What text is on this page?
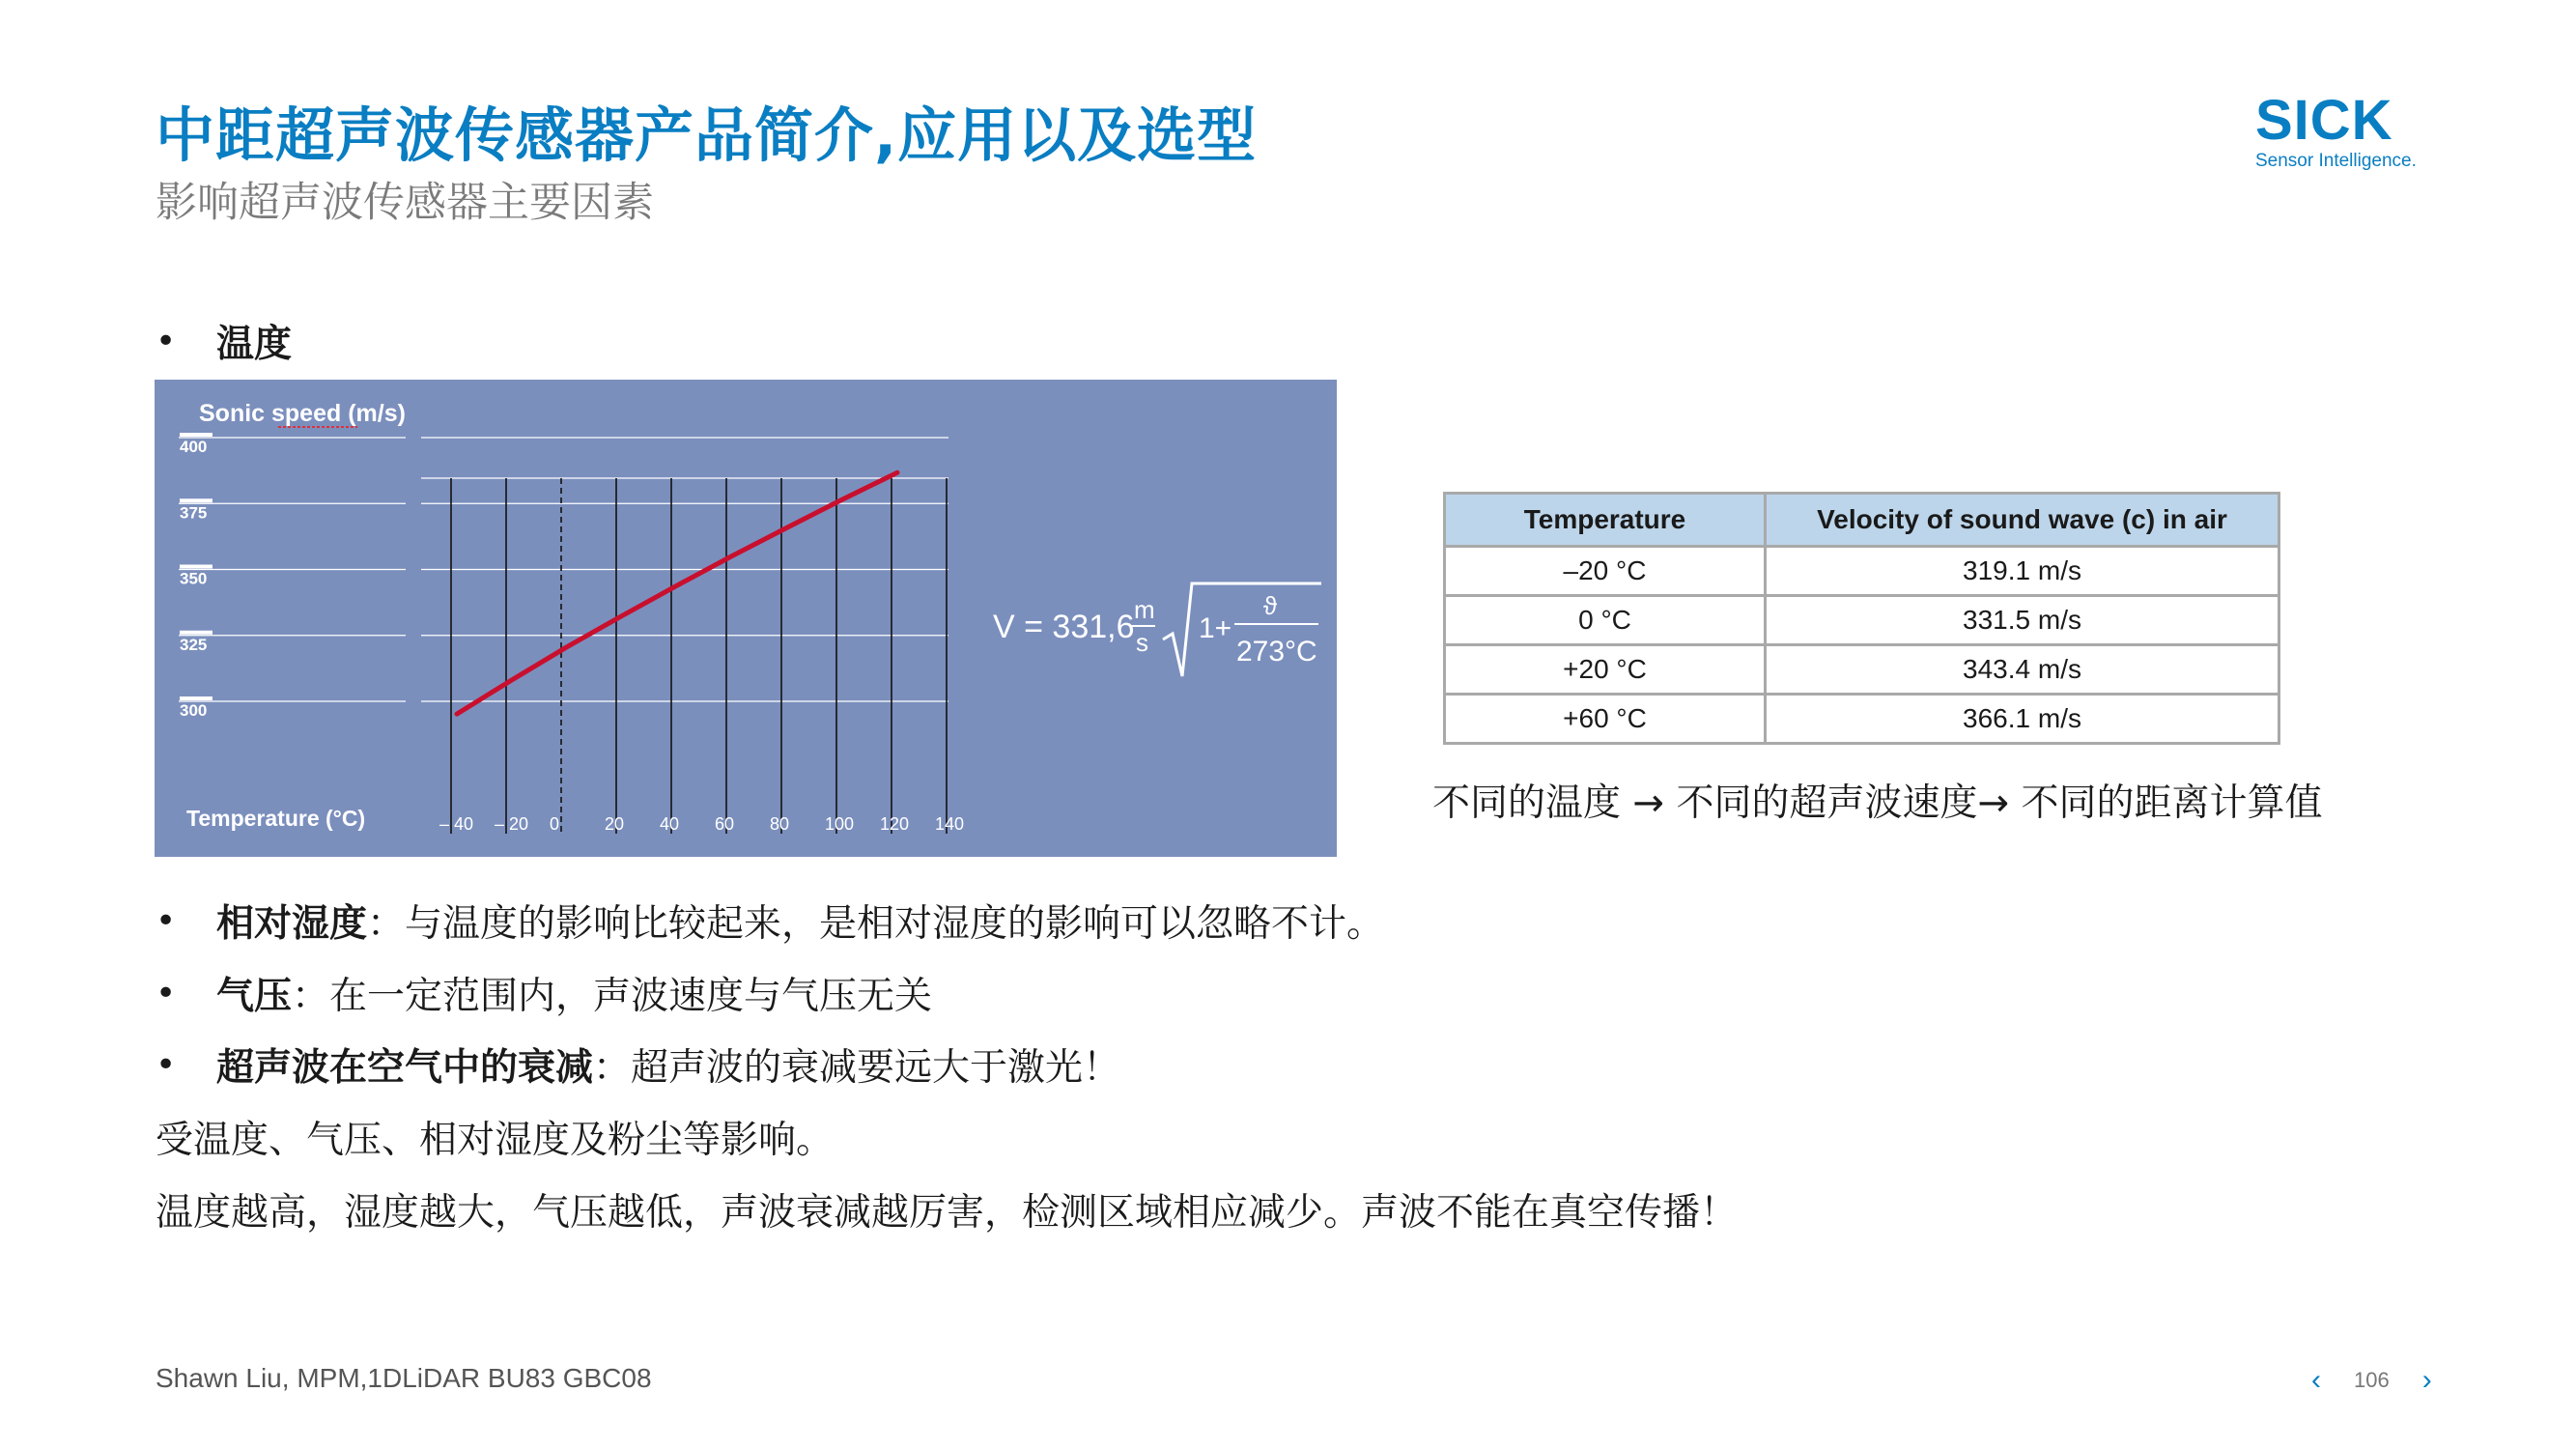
中距超声波传感器产品简介,应用以及选型
影响超声波传感器主要因素
SICK
Sensor Intelligence.
•	温度
Sonic speed (m/s)
Temperature (°C)
400
375
350
325
300
– 40 – 20 0	20 40 60 80 100 120 140
V = 331,6 m
s 1+
ϑ
273°C
Temperature	Velocity of sound wave (c) in air
–20 °C	319.1 m/s
0 °C	331.5 m/s
+20 °C	343.4 m/s
+60 °C	366.1 m/s
不同的温度 → 不同的超声波速度→ 不同的距离计算值
•	相对湿度 ：与温度的影响比较起来，是相对湿度的影响可以忽略不计。
•	气压 ：在一定范围内，声波速度与气压无关
•	超声波在空气中的衰减 ：超声波的衰减要远大于激光！
受温度、气压、相对湿度及粉尘等影响。
温度越高，湿度越大，气压越低，声波衰减越厉害，检测区域相应减少。声波不能在真空传播！
Shawn Liu, MPM,1DLiDAR BU83 GBC08	‹ 106 ›
